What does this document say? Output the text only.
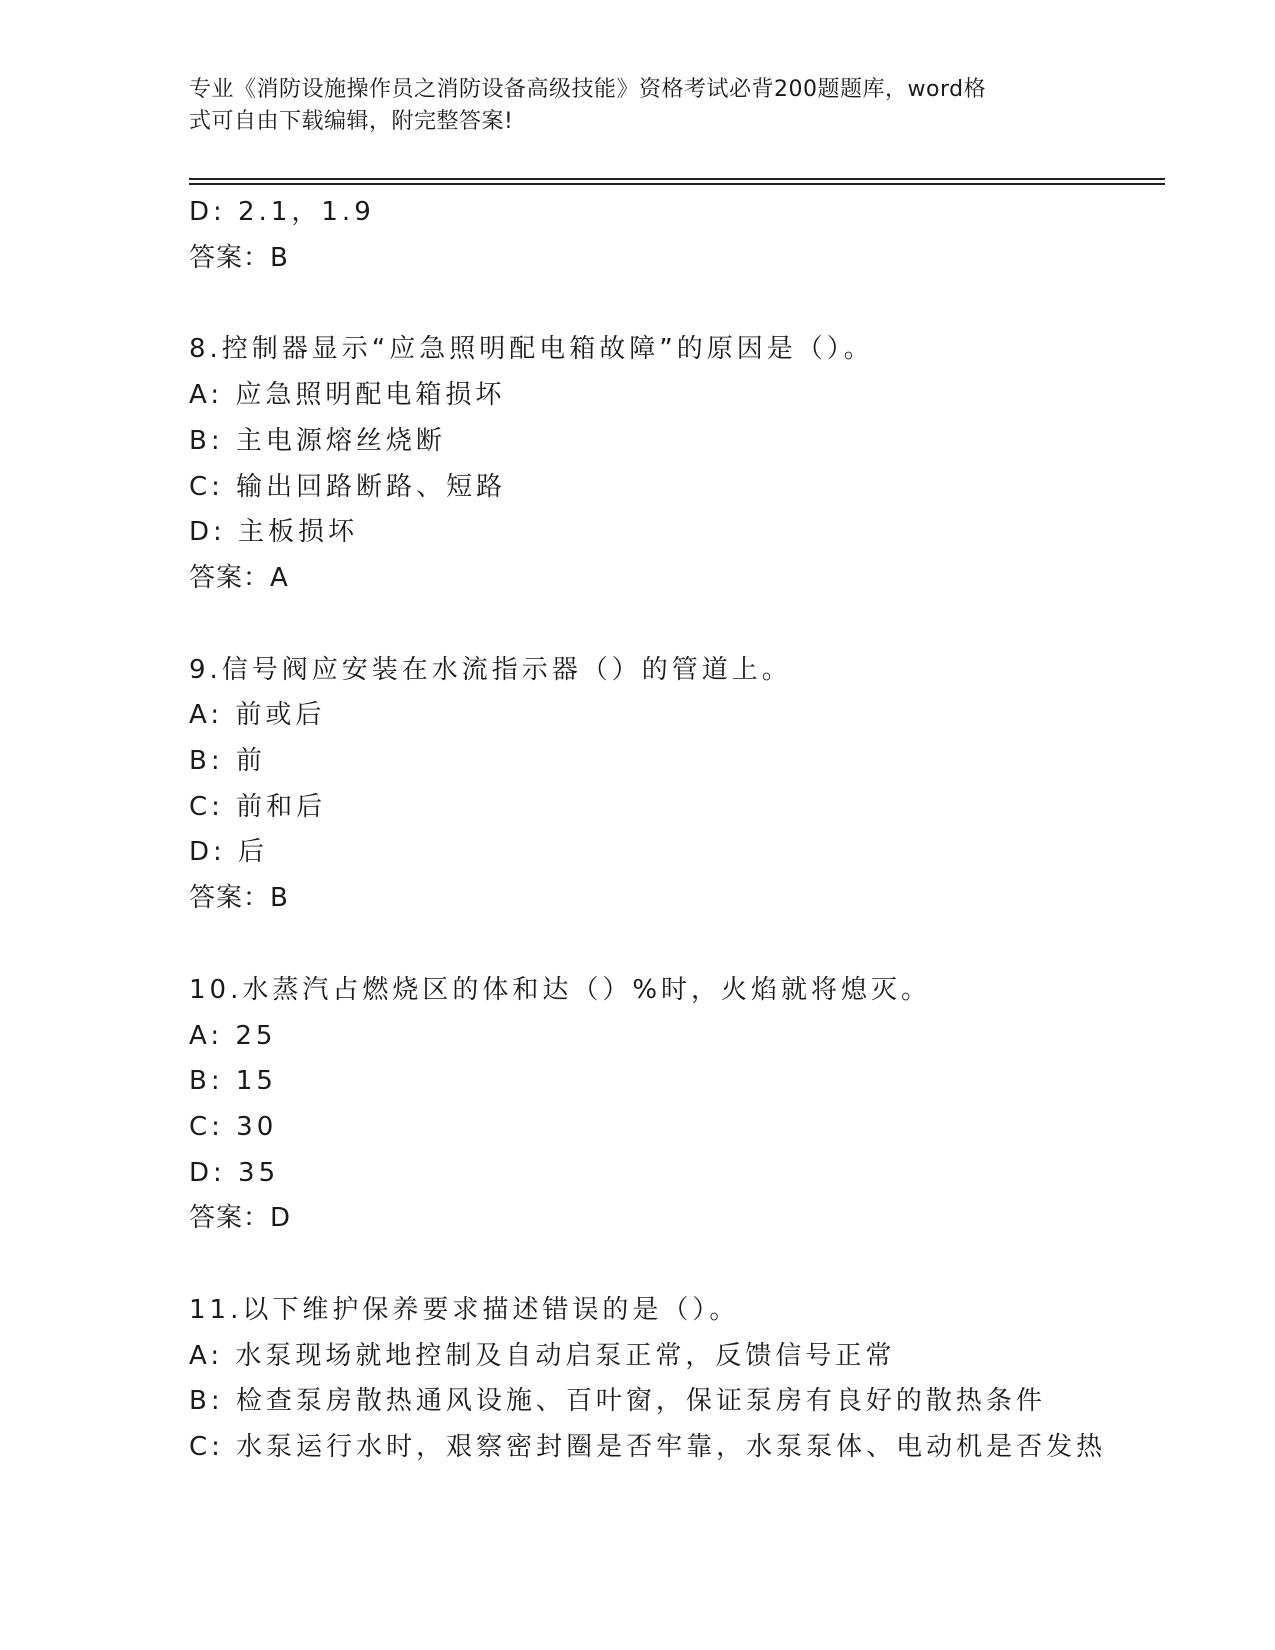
专业《消防设施操作员之消防设备高级技能》资格考试必背200题题库，word格
式可自由下载编辑，附完整答案!
D: 2.1，1.9
答案：B
8.控制器显示“应急照明配电箱故障”的原因是（）。
A: 应急照明配电箱损坏
B: 主电源熔丝烧断
C: 输出回路断路、短路
D: 主板损坏
答案：A
9.信号阀应安装在水流指示器（）的管道上。
A: 前或后
B: 前
C: 前和后
D: 后
答案：B
10.水蒸汽占燃烧区的体和达（）%时，火焰就将熄灭。
A: 25
B: 15
C: 30
D: 35
答案：D
11.以下维护保养要求描述错误的是（）。
A: 水泵现场就地控制及自动启泵正常，反馈信号正常
B: 检查泵房散热通风设施、百叶窗，保证泵房有良好的散热条件
C: 水泵运行水时，艰察密封圈是否牢靠，水泵泵体、电动机是否发热
